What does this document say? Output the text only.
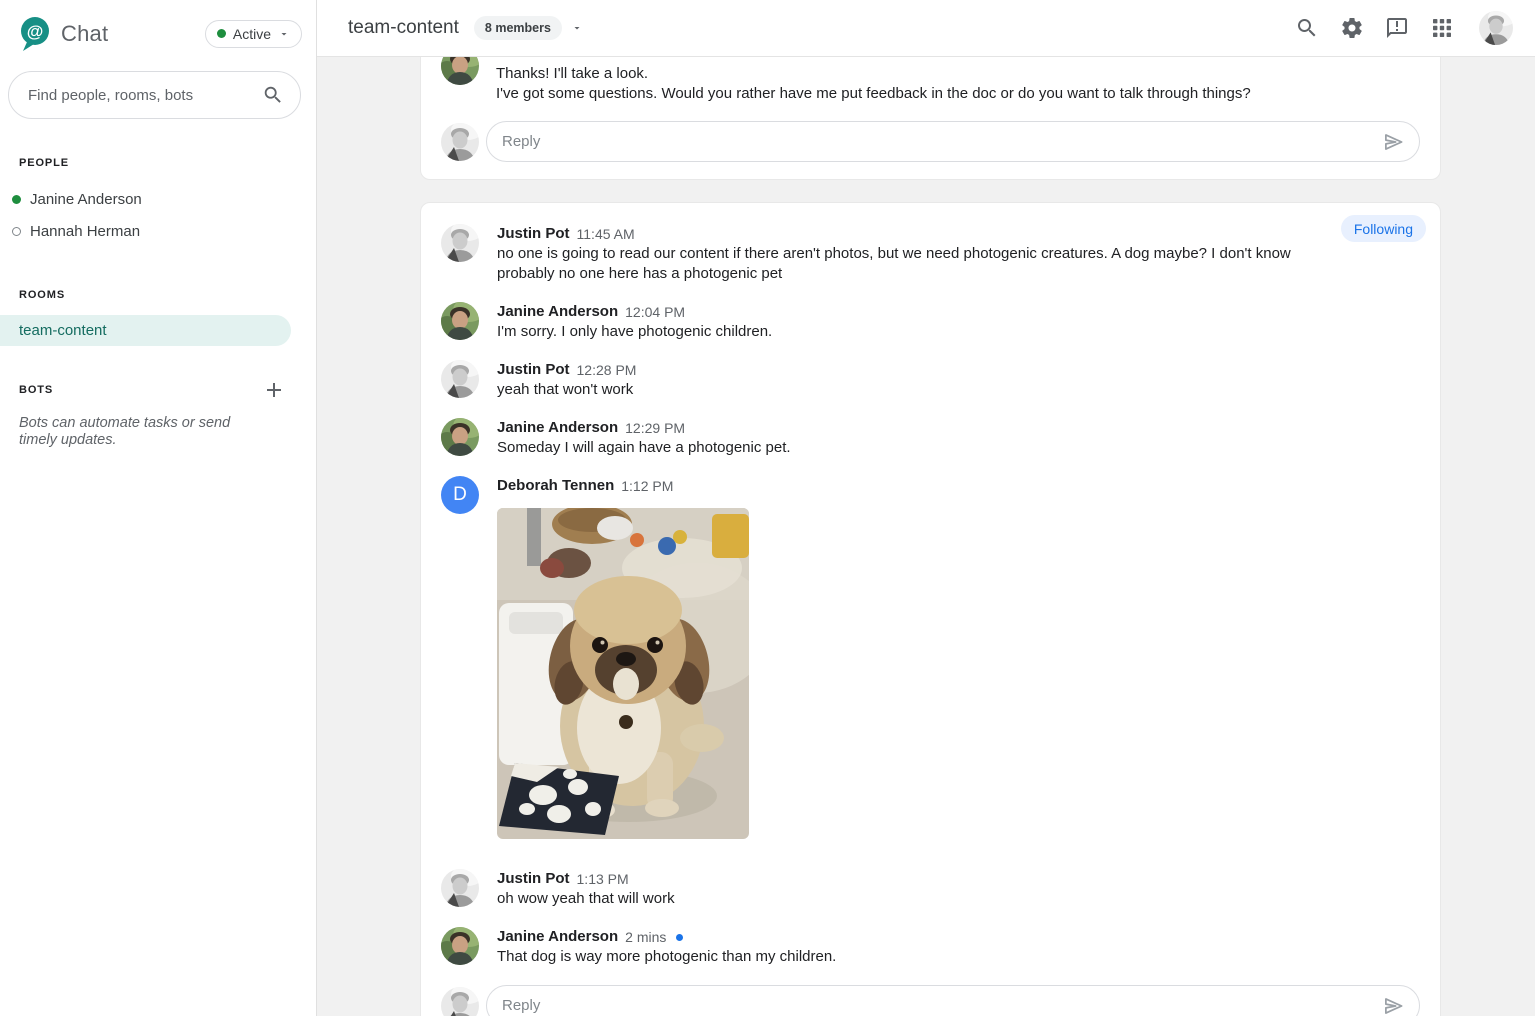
@ Chat	Active
Find people, rooms, bots
PEOPLE
Janine Anderson
Hannah Herman
ROOMS
team-content
BOTS
Bots can automate tasks or send timely updates.
team-content	8 members
Thanks! I'll take a look.
I've got some questions. Would you rather have me put feedback in the doc or do you want to talk through things?
Reply
Following
Justin Pot 11:45 AM
no one is going to read our content if there aren't photos, but we need photogenic creatures. A dog maybe? I don't know
probably no one here has a photogenic pet
Janine Anderson 12:04 PM
I'm sorry. I only have photogenic children.
Justin Pot 12:28 PM
yeah that won't work
Janine Anderson 12:29 PM
Someday I will again have a photogenic pet.
D	Deborah Tennen 1:12 PM
Justin Pot 1:13 PM
oh wow yeah that will work
Janine Anderson 2 mins
That dog is way more photogenic than my children.
Reply
